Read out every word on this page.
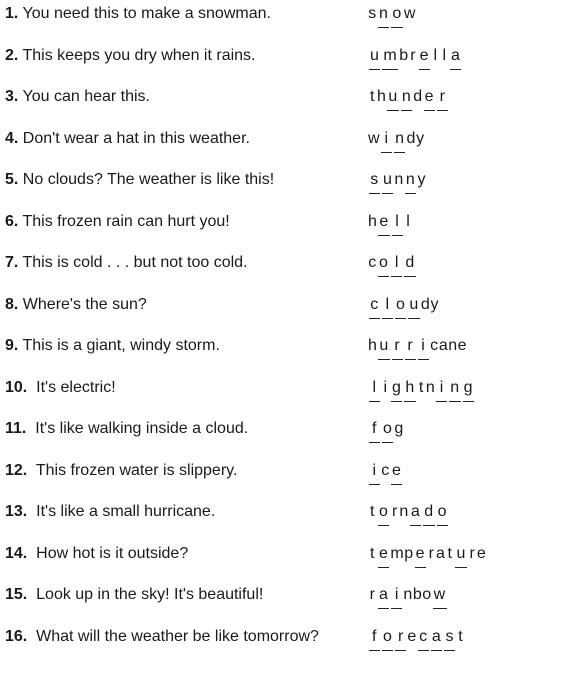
1. You need this to make a snowman.	s n o w
2. This keeps you dry when it rains.	u m br e l l a
3. You can hear this.	t h u n d e r
4. Don't wear a hat in this weather.	w i n dy
5. No clouds? The weather is like this!	s u n n y
6. This frozen rain can hurt you!	h e l l
7. This is cold . . . but not too cold.	c o l d
8. Where's the sun?	c l o u dy
9. This is a giant, windy storm.	h u r r i cane
10.  It's electric!	l i g h t n i n g
11.  It's like walking inside a cloud.	f o g
12.  This frozen water is slippery.	i c e
13.  It's like a small hurricane.	t o rn a d o
14.  How hot is it outside?	t e mp e ra t u re
15.  Look up in the sky! It's beautiful!	r a i nbo w
16.  What will the weather be like tomorrow?	f o r e c a s t
